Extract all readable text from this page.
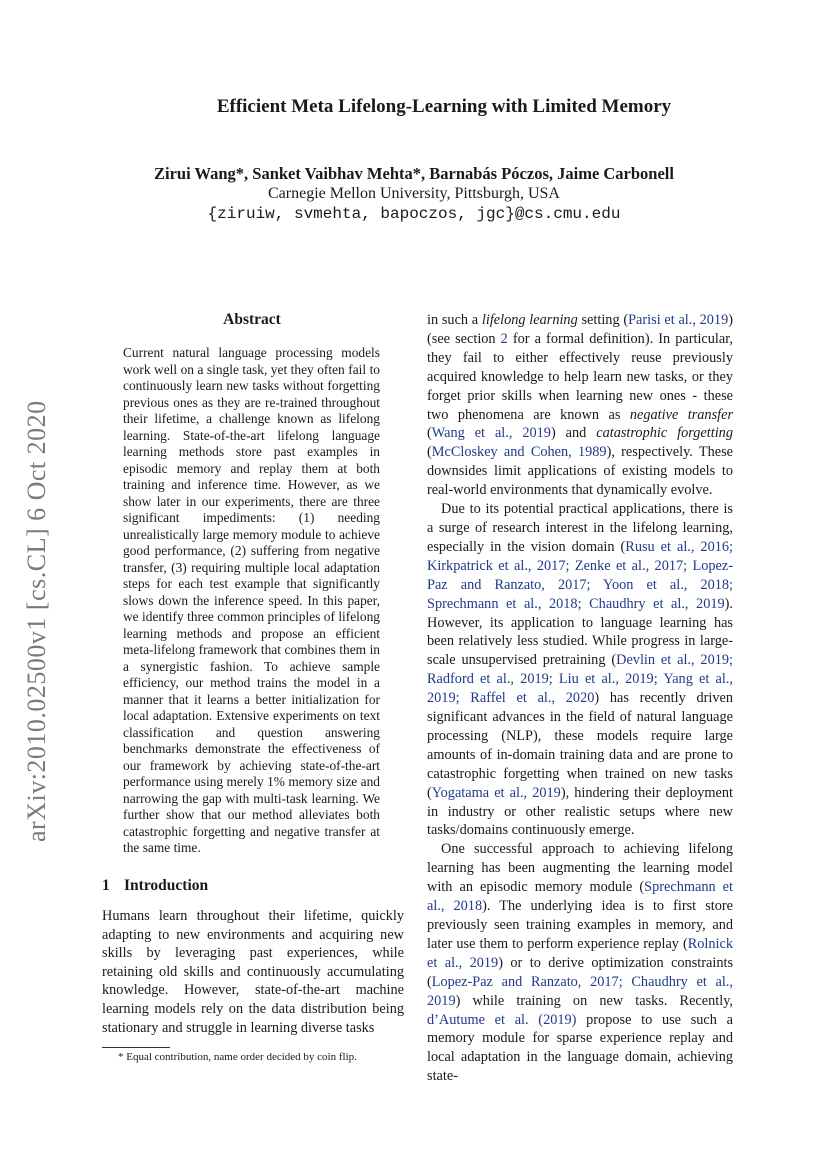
arXiv:2010.02500v1 [cs.CL] 6 Oct 2020
Efficient Meta Lifelong-Learning with Limited Memory
Zirui Wang*, Sanket Vaibhav Mehta*, Barnabás Póczos, Jaime Carbonell
Carnegie Mellon University, Pittsburgh, USA
{ziruiw, svmehta, bapoczos, jgc}@cs.cmu.edu
Abstract
Current natural language processing models work well on a single task, yet they often fail to continuously learn new tasks without forgetting previous ones as they are re-trained throughout their lifetime, a challenge known as lifelong learning. State-of-the-art lifelong language learning methods store past examples in episodic memory and replay them at both training and inference time. However, as we show later in our experiments, there are three significant impediments: (1) needing unrealistically large memory module to achieve good performance, (2) suffering from negative transfer, (3) requiring multiple local adaptation steps for each test example that significantly slows down the inference speed. In this paper, we identify three common principles of lifelong learning methods and propose an efficient meta-lifelong framework that combines them in a synergistic fashion. To achieve sample efficiency, our method trains the model in a manner that it learns a better initialization for local adaptation. Extensive experiments on text classification and question answering benchmarks demonstrate the effectiveness of our framework by achieving state-of-the-art performance using merely 1% memory size and narrowing the gap with multi-task learning. We further show that our method alleviates both catastrophic forgetting and negative transfer at the same time.
1 Introduction
Humans learn throughout their lifetime, quickly adapting to new environments and acquiring new skills by leveraging past experiences, while retaining old skills and continuously accumulating knowledge. However, state-of-the-art machine learning models rely on the data distribution being stationary and struggle in learning diverse tasks
* Equal contribution, name order decided by coin flip.

in such a lifelong learning setting (Parisi et al., 2019) (see section 2 for a formal definition). In particular, they fail to either effectively reuse previously acquired knowledge to help learn new tasks, or they forget prior skills when learning new ones - these two phenomena are known as negative transfer (Wang et al., 2019) and catastrophic forgetting (McCloskey and Cohen, 1989), respectively. These downsides limit applications of existing models to real-world environments that dynamically evolve.

Due to its potential practical applications, there is a surge of research interest in the lifelong learning, especially in the vision domain (Rusu et al., 2016; Kirkpatrick et al., 2017; Zenke et al., 2017; Lopez-Paz and Ranzato, 2017; Yoon et al., 2018; Sprechmann et al., 2018; Chaudhry et al., 2019). However, its application to language learning has been relatively less studied. While progress in large-scale unsupervised pretraining (Devlin et al., 2019; Radford et al., 2019; Liu et al., 2019; Yang et al., 2019; Raffel et al., 2020) has recently driven significant advances in the field of natural language processing (NLP), these models require large amounts of in-domain training data and are prone to catastrophic forgetting when trained on new tasks (Yogatama et al., 2019), hindering their deployment in industry or other realistic setups where new tasks/domains continuously emerge.

One successful approach to achieving lifelong learning has been augmenting the learning model with an episodic memory module (Sprechmann et al., 2018). The underlying idea is to first store previously seen training examples in memory, and later use them to perform experience replay (Rolnick et al., 2019) or to derive optimization constraints (Lopez-Paz and Ranzato, 2017; Chaudhry et al., 2019) while training on new tasks. Recently, d’Autume et al. (2019) propose to use such a memory module for sparse experience replay and local adaptation in the language domain, achieving state-
